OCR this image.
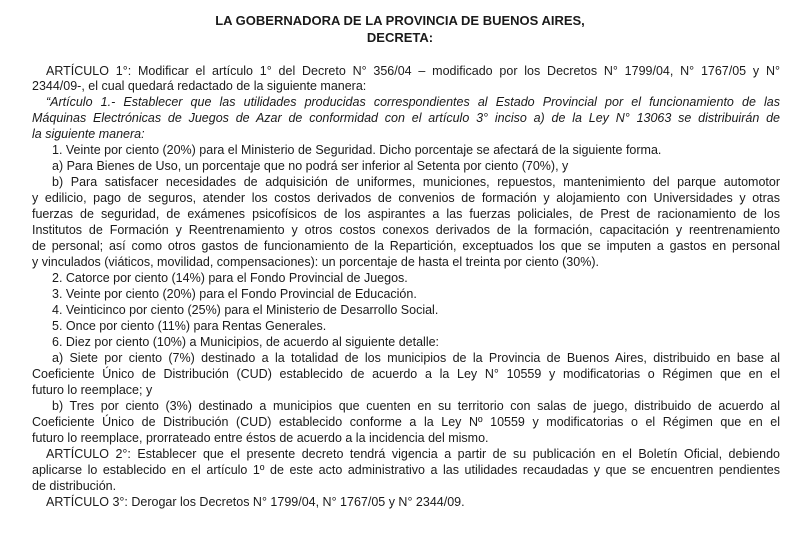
LA GOBERNADORA DE LA PROVINCIA DE BUENOS AIRES,
DECRETA:
ARTÍCULO 1°: Modificar el artículo 1° del Decreto N° 356/04 – modificado por los Decretos N° 1799/04, N° 1767/05 y N°
2344/09-, el cual quedará redactado de la siguiente manera:
“Artículo 1.- Establecer que las utilidades producidas correspondientes al Estado Provincial por el funcionamiento de las
Máquinas Electrónicas de Juegos de Azar de conformidad con el artículo 3° inciso a) de la Ley N° 13063 se distribuirán de
la siguiente manera:
1. Veinte por ciento (20%) para el Ministerio de Seguridad. Dicho porcentaje se afectará de la siguiente forma.
a) Para Bienes de Uso, un porcentaje que no podrá ser inferior al Setenta por ciento (70%), y
b) Para satisfacer necesidades de adquisición de uniformes, municiones, repuestos, mantenimiento del parque automotor
y edilicio, pago de seguros, atender los costos derivados de convenios de formación y alojamiento con Universidades y otras
fuerzas de seguridad, de exámenes psicofísicos de los aspirantes a las fuerzas policiales, de Prest de racionamiento de los
Institutos de Formación y Reentrenamiento y otros costos conexos derivados de la formación, capacitación y reentrenamiento
de personal; así como otros gastos de funcionamiento de la Repartición, exceptuados los que se imputen a gastos en personal
y vinculados (viáticos, movilidad, compensaciones): un porcentaje de hasta el treinta por ciento (30%).
2. Catorce por ciento (14%) para el Fondo Provincial de Juegos.
3. Veinte por ciento (20%) para el Fondo Provincial de Educación.
4. Veinticinco por ciento (25%) para el Ministerio de Desarrollo Social.
5. Once por ciento (11%) para Rentas Generales.
6. Diez por ciento (10%) a Municipios, de acuerdo al siguiente detalle:
a) Siete por ciento (7%) destinado a la totalidad de los municipios de la Provincia de Buenos Aires, distribuido en base al
Coeficiente Único de Distribución (CUD) establecido de acuerdo a la Ley N° 10559 y modificatorias o Régimen que en el
futuro lo reemplace; y
b) Tres por ciento (3%) destinado a municipios que cuenten en su territorio con salas de juego, distribuido de acuerdo al
Coeficiente Único de Distribución (CUD) establecido conforme a la Ley Nº 10559 y modificatorias o el Régimen que en el
futuro lo reemplace, prorrateado entre éstos de acuerdo a la incidencia del mismo.
ARTÍCULO 2°: Establecer que el presente decreto tendrá vigencia a partir de su publicación en el Boletín Oficial, debiendo
aplicarse lo establecido en el artículo 1º de este acto administrativo a las utilidades recaudadas y que se encuentren pendientes
de distribución.
ARTÍCULO 3°: Derogar los Decretos N° 1799/04, N° 1767/05 y N° 2344/09.
